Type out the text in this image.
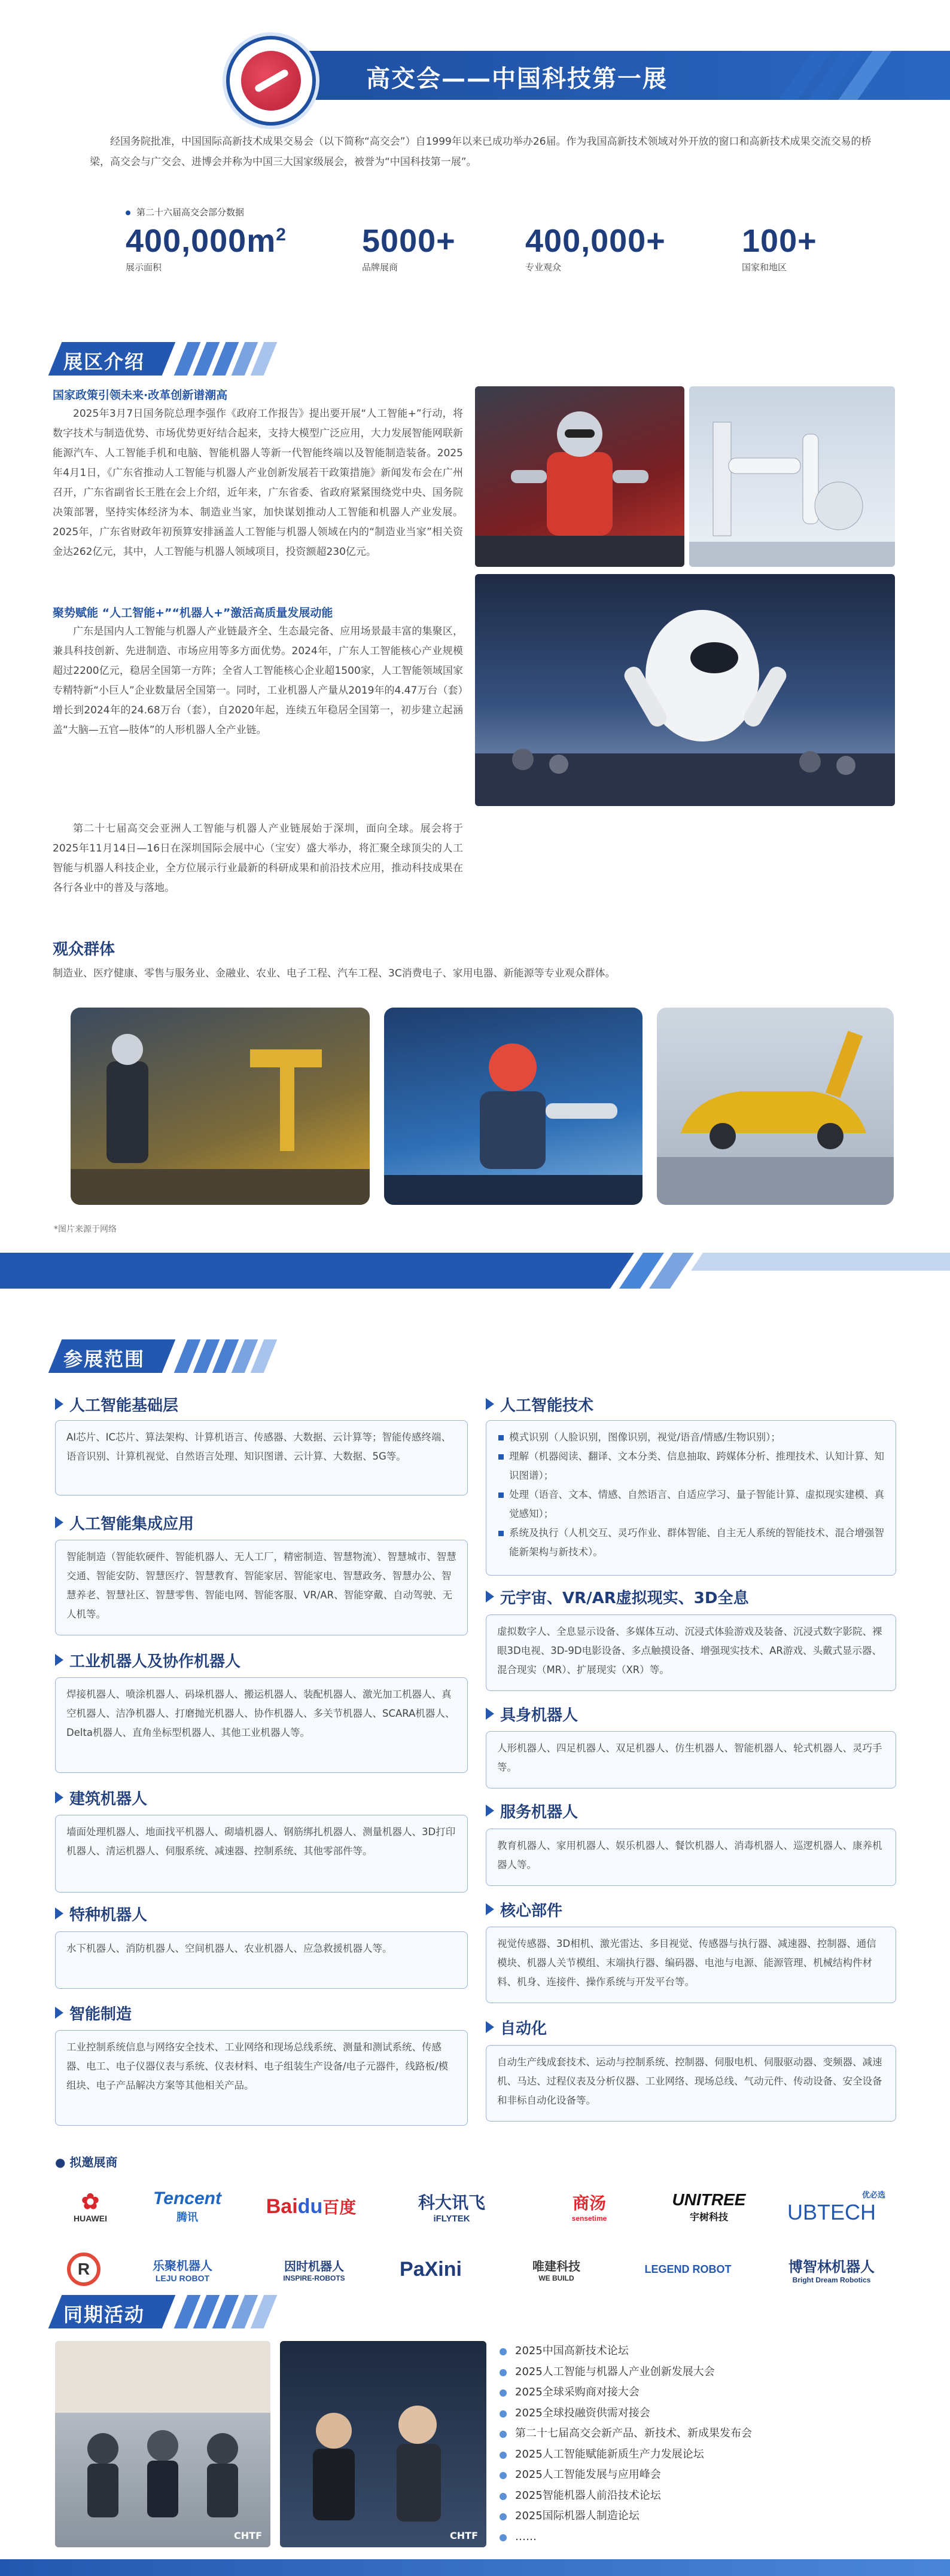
高交会——中国科技第一展
经国务院批准，中国国际高新技术成果交易会（以下简称“高交会”）自1999年以来已成功举办26届。作为我国高新技术领域对外开放的窗口和高新技术成果交流交易的桥梁，高交会与广交会、进博会并称为中国三大国家级展会，被誉为“中国科技第一展”。
第二十六届高交会部分数据
$400,000m^2$
展示面积
5000+
品牌展商
400,000+
专业观众
100+
国家和地区
展区介绍
国家政策引领未来·改革创新谱潮高
2025年3月7日国务院总理李强作《政府工作报告》提出要开展“人工智能+”行动，将数字技术与制造优势、市场优势更好结合起来，支持大模型广泛应用，大力发展智能网联新能源汽车、人工智能手机和电脑、智能机器人等新一代智能终端以及智能制造装备。2025年4月1日，《广东省推动人工智能与机器人产业创新发展若干政策措施》新闻发布会在广州召开，广东省副省长王胜在会上介绍，近年来，广东省委、省政府紧紧围绕党中央、国务院决策部署，坚持实体经济为本、制造业当家，加快谋划推动人工智能和机器人产业发展。2025年，广东省财政年初预算安排涵盖人工智能与机器人领域在内的“制造业当家”相关资金达262亿元，其中，人工智能与机器人领域项目，投资额超230亿元。
聚势赋能 “人工智能+”“机器人+”激活高质量发展动能
广东是国内人工智能与机器人产业链最齐全、生态最完备、应用场景最丰富的集聚区，兼具科技创新、先进制造、市场应用等多方面优势。2024年，广东人工智能核心产业规模超过2200亿元，稳居全国第一方阵；全省人工智能核心企业超1500家，人工智能领域国家专精特新“小巨人”企业数量居全国第一。同时，工业机器人产量从2019年的4.47万台（套）增长到2024年的24.68万台（套），自2020年起，连续五年稳居全国第一，初步建立起涵盖“大脑—五官—肢体”的人形机器人全产业链。
第二十七届高交会亚洲人工智能与机器人产业链展始于深圳，面向全球。展会将于2025年11月14日—16日在深圳国际会展中心（宝安）盛大举办，将汇聚全球顶尖的人工智能与机器人科技企业，全方位展示行业最新的科研成果和前沿技术应用，推动科技成果在各行各业中的普及与落地。
观众群体
制造业、医疗健康、零售与服务业、金融业、农业、电子工程、汽车工程、3C消费电子、家用电器、新能源等专业观众群体。
*图片来源于网络
参展范围
人工智能基础层
AI芯片、IC芯片、算法架构、计算机语言、传感器、大数据、云计算等；智能传感终端、语音识别、计算机视觉、自然语言处理、知识图谱、云计算、大数据、5G等。
人工智能集成应用
智能制造（智能软硬件、智能机器人、无人工厂，精密制造、智慧物流）、智慧城市、智慧交通、智能安防、智慧医疗、智慧教育、智能家居、智能家电、智慧政务、智慧办公、智慧养老、智慧社区、智慧零售、智能电网、智能客服、VR/AR、智能穿戴、自动驾驶、无人机等。
工业机器人及协作机器人
焊接机器人、喷涂机器人、码垛机器人、搬运机器人、装配机器人、激光加工机器人、真空机器人、洁净机器人、打磨抛光机器人、协作机器人、多关节机器人、SCARA机器人、Delta机器人、直角坐标型机器人、其他工业机器人等。
建筑机器人
墙面处理机器人、地面找平机器人、砌墙机器人、钢筋绑扎机器人、测量机器人、3D打印机器人、清运机器人、伺服系统、减速器、控制系统、其他零部件等。
特种机器人
水下机器人、消防机器人、空间机器人、农业机器人、应急救援机器人等。
智能制造
工业控制系统信息与网络安全技术、工业网络和现场总线系统、测量和测试系统、传感器、电工、电子仪器仪表与系统、仪表材料、电子组装生产设备/电子元器件，线路板/模组块、电子产品解决方案等其他相关产品。
人工智能技术
模式识别（人脸识别，图像识别，视觉/语音/情感/生物识别）；
理解（机器阅读、翻译、文本分类、信息抽取、跨媒体分析、推理技术、认知计算、知识图谱）；
处理（语音、文本、情感、自然语言、自适应学习、量子智能计算、虚拟现实建模、真觉感知）；
系统及执行（人机交互、灵巧作业、群体智能、自主无人系统的智能技术、混合增强智能新架构与新技术）。
元宇宙、VR/AR虚拟现实、3D全息
虚拟数字人、全息显示设备、多媒体互动、沉浸式体验游戏及装备、沉浸式数字影院、裸眼3D电视、3D-9D电影设备、多点触摸设备、增强现实技术、AR游戏、头戴式显示器、混合现实（MR）、扩展现实（XR）等。
具身机器人
人形机器人、四足机器人、双足机器人、仿生机器人、智能机器人、轮式机器人、灵巧手等。
服务机器人
教育机器人、家用机器人、娱乐机器人、餐饮机器人、消毒机器人、巡逻机器人、康养机器人等。
核心部件
视觉传感器、3D相机、激光雷达、多目视觉、传感器与执行器、减速器、控制器、通信模块、机器人关节模组、末端执行器、编码器、电池与电源、能源管理、机械结构件材料、机身、连接件、操作系统与开发平台等。
自动化
自动生产线成套技术、运动与控制系统、控制器、伺服电机、伺服驱动器、变频器、减速机、马达、过程仪表及分析仪器、工业网络、现场总线、气动元件、传动设备、安全设备和非标自动化设备等。
● 拟邀展商
✿
HUAWEI
Tencent
腾讯	Bai du 百度	科大讯飞
iFLYTEK
商汤
sensetime
UNITREE
宇树科技
优必选
UBTECH
R	乐聚机器人
LEJU ROBOT
因时机器人
INSPIRE-ROBOTS	PaXini	唯建科技
WE BUILD
LEGEND ROBOT	博智林机器人
Bright Dream Robotics
同期活动
CHTF	CHTF
2025中国高新技术论坛
2025人工智能与机器人产业创新发展大会
2025全球采购商对接大会
2025全球投融资供需对接会
第二十七届高交会新产品、新技术、新成果发布会
2025人工智能赋能新质生产力发展论坛
2025人工智能发展与应用峰会
2025智能机器人前沿技术论坛
2025国际机器人制造论坛
……
